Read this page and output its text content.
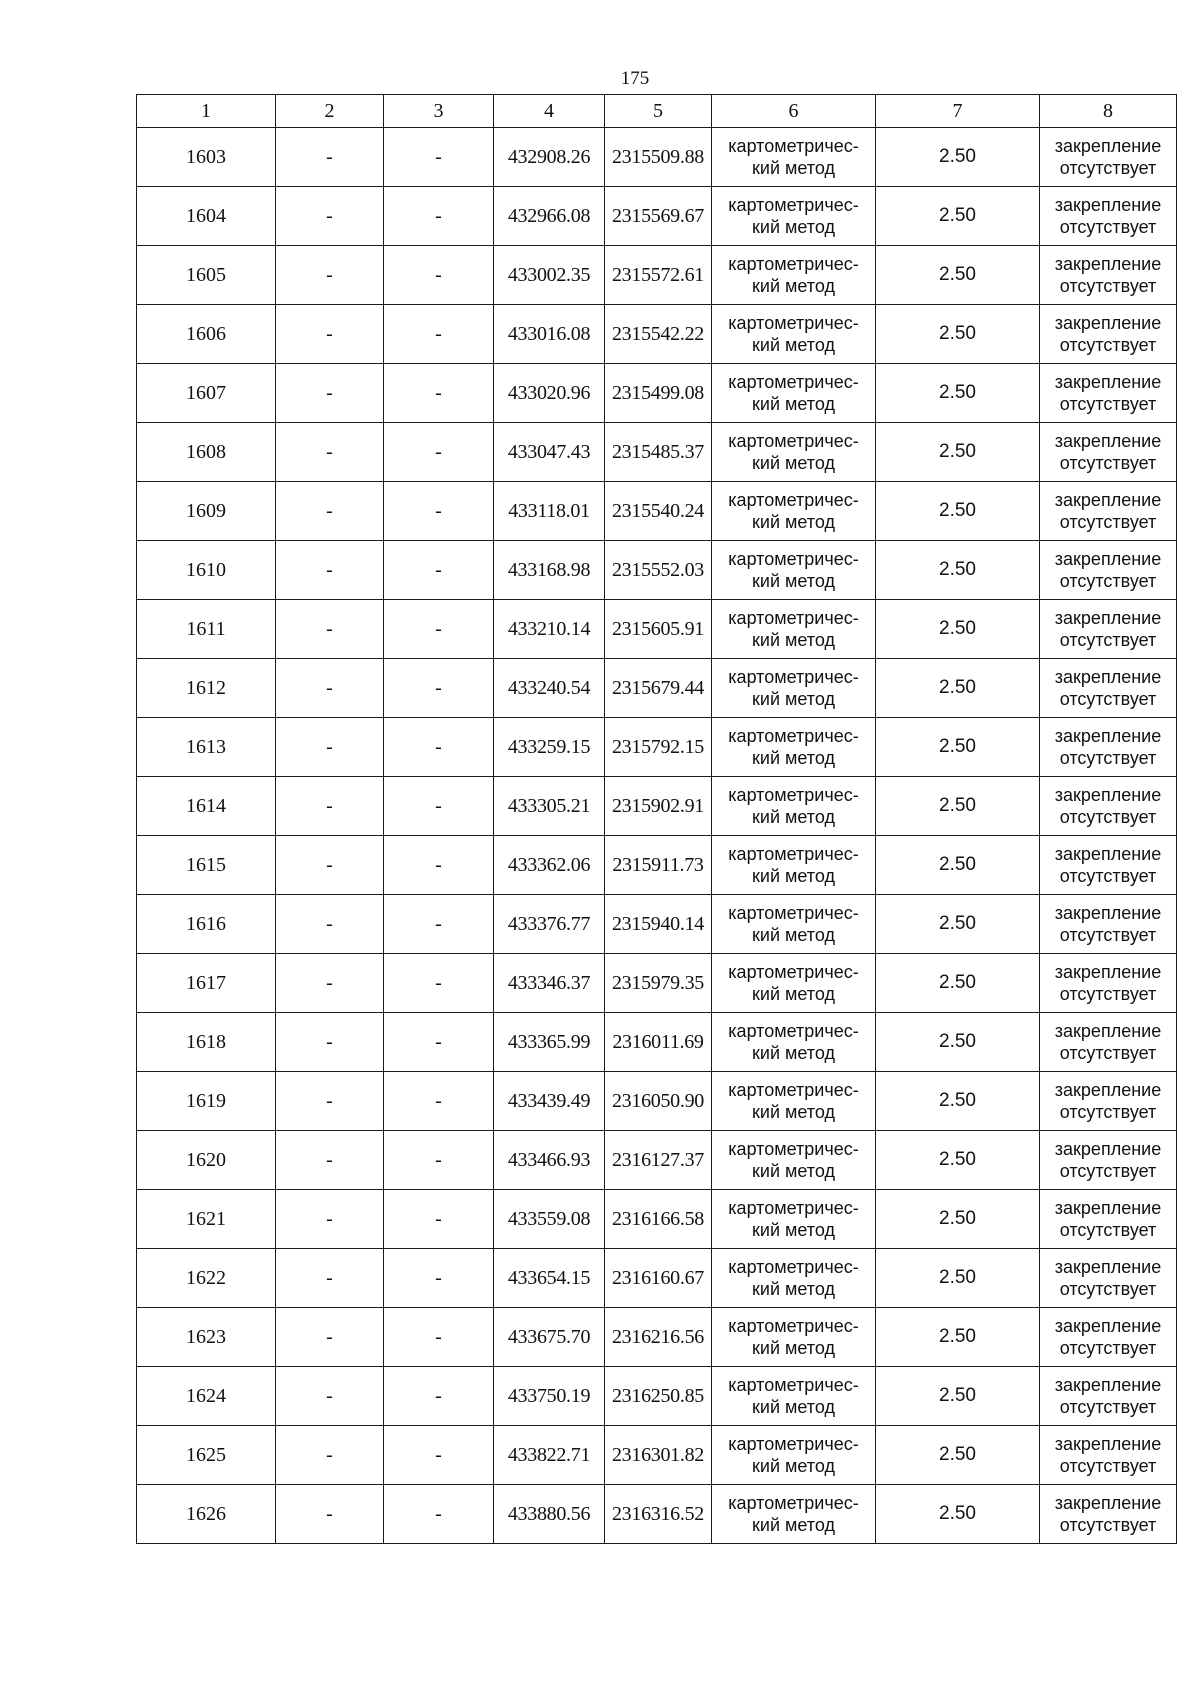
175
1	2	3	4	5	6	7	8
1603	-	-	432908.26	2315509.88	картометричес-
кий метод	2.50	закрепление
отсутствует

1604	-	-	432966.08	2315569.67	картометричес-
кий метод	2.50	закрепление
отсутствует

1605	-	-	433002.35	2315572.61	картометричес-
кий метод	2.50	закрепление
отсутствует

1606	-	-	433016.08	2315542.22	картометричес-
кий метод	2.50	закрепление
отсутствует

1607	-	-	433020.96	2315499.08	картометричес-
кий метод	2.50	закрепление
отсутствует

1608	-	-	433047.43	2315485.37	картометричес-
кий метод	2.50	закрепление
отсутствует

1609	-	-	433118.01	2315540.24	картометричес-
кий метод	2.50	закрепление
отсутствует

1610	-	-	433168.98	2315552.03	картометричес-
кий метод	2.50	закрепление
отсутствует

1611	-	-	433210.14	2315605.91	картометричес-
кий метод	2.50	закрепление
отсутствует

1612	-	-	433240.54	2315679.44	картометричес-
кий метод	2.50	закрепление
отсутствует

1613	-	-	433259.15	2315792.15	картометричес-
кий метод	2.50	закрепление
отсутствует

1614	-	-	433305.21	2315902.91	картометричес-
кий метод	2.50	закрепление
отсутствует

1615	-	-	433362.06	2315911.73	картометричес-
кий метод	2.50	закрепление
отсутствует

1616	-	-	433376.77	2315940.14	картометричес-
кий метод	2.50	закрепление
отсутствует

1617	-	-	433346.37	2315979.35	картометричес-
кий метод	2.50	закрепление
отсутствует

1618	-	-	433365.99	2316011.69	картометричес-
кий метод	2.50	закрепление
отсутствует

1619	-	-	433439.49	2316050.90	картометричес-
кий метод	2.50	закрепление
отсутствует

1620	-	-	433466.93	2316127.37	картометричес-
кий метод	2.50	закрепление
отсутствует

1621	-	-	433559.08	2316166.58	картометричес-
кий метод	2.50	закрепление
отсутствует

1622	-	-	433654.15	2316160.67	картометричес-
кий метод	2.50	закрепление
отсутствует

1623	-	-	433675.70	2316216.56	картометричес-
кий метод	2.50	закрепление
отсутствует

1624	-	-	433750.19	2316250.85	картометричес-
кий метод	2.50	закрепление
отсутствует

1625	-	-	433822.71	2316301.82	картометричес-
кий метод	2.50	закрепление
отсутствует

1626	-	-	433880.56	2316316.52	картометричес-
кий метод	2.50	закрепление
отсутствует
